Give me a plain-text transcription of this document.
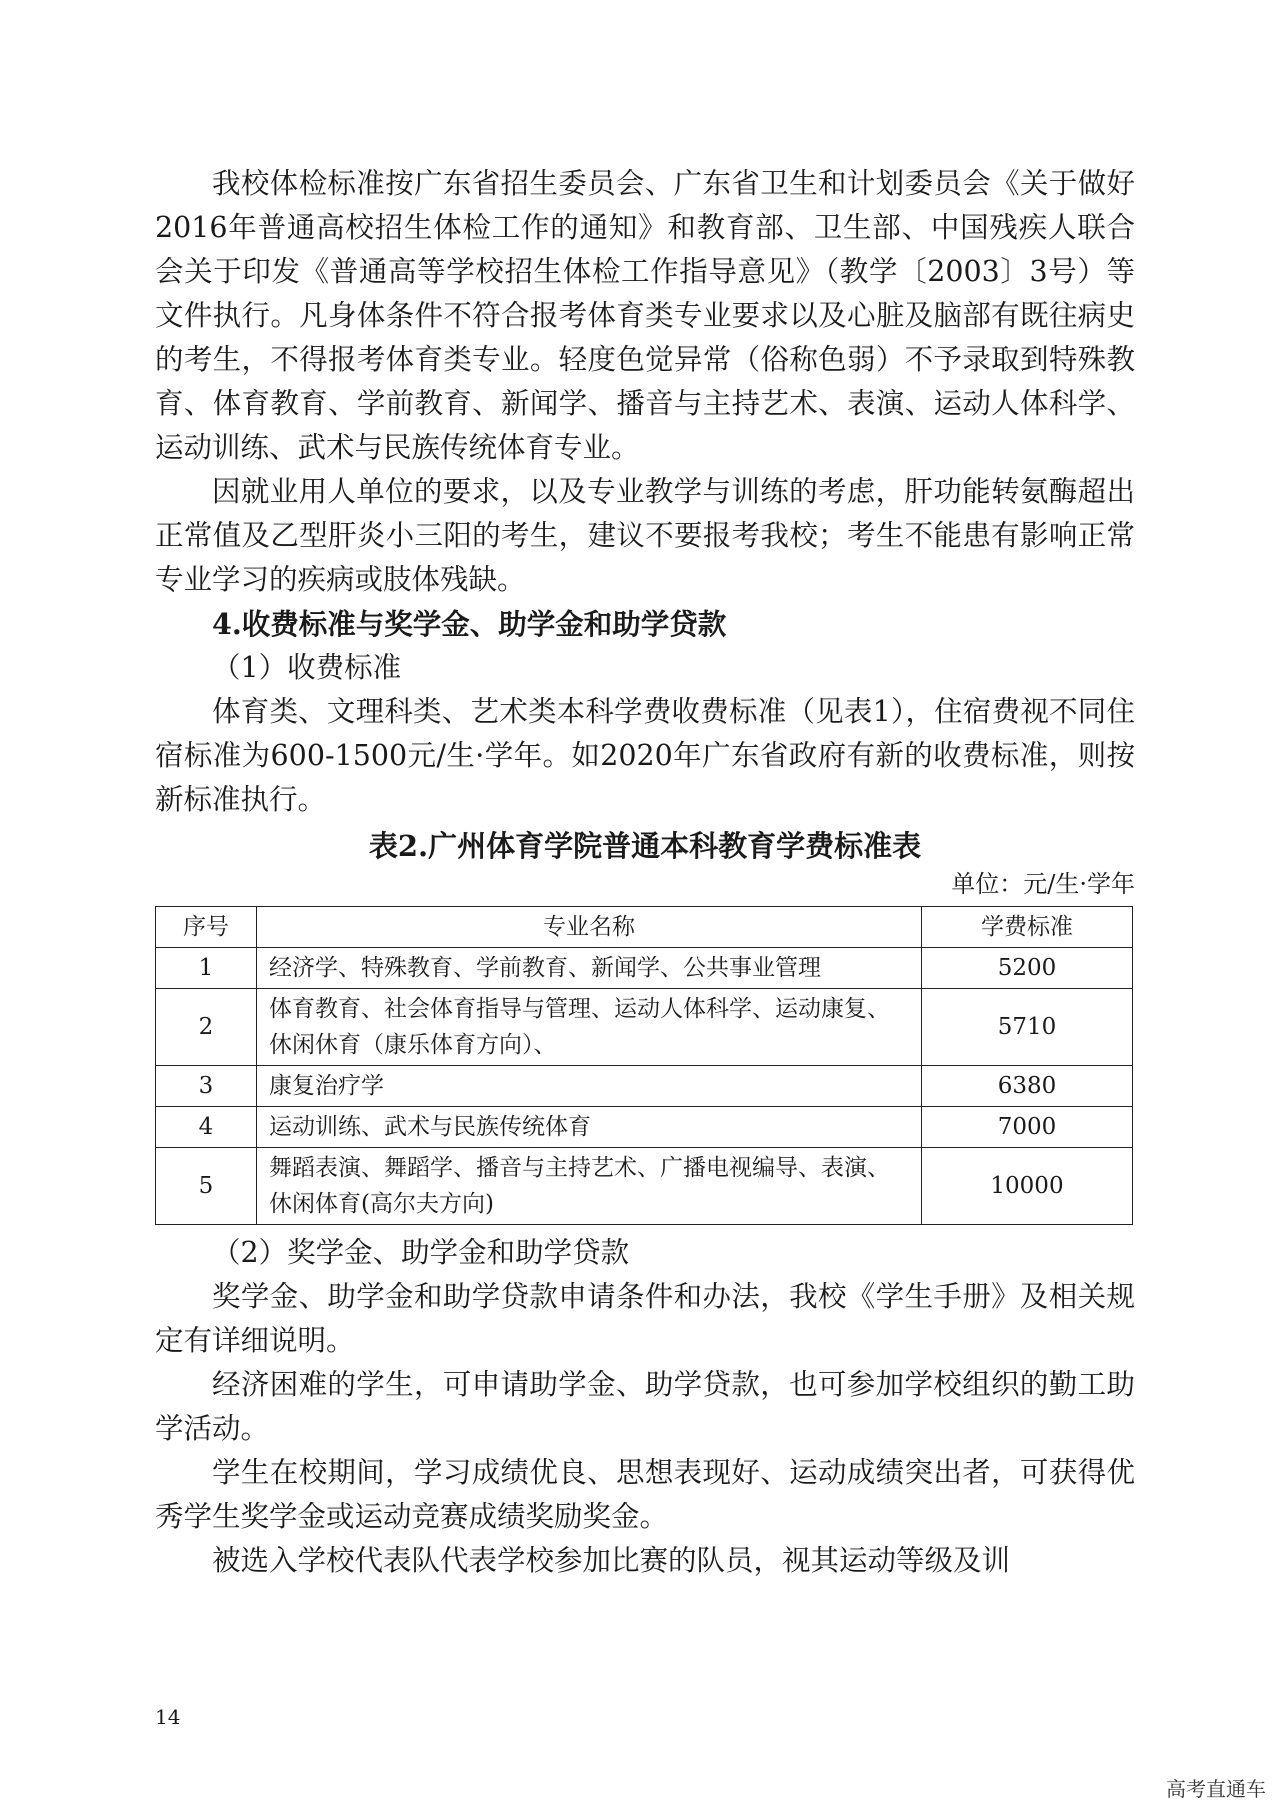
我校体检标准按广东省招生委员会、广东省卫生和计划委员会《关于做好2016年普通高校招生体检工作的通知》和教育部、卫生部、中国残疾人联合会关于印发《普通高等学校招生体检工作指导意见》（教学〔2003〕3号）等文件执行。凡身体条件不符合报考体育类专业要求以及心脏及脑部有既往病史的考生，不得报考体育类专业。轻度色觉异常（俗称色弱）不予录取到特殊教育、体育教育、学前教育、新闻学、播音与主持艺术、表演、运动人体科学、运动训练、武术与民族传统体育专业。

因就业用人单位的要求，以及专业教学与训练的考虑，肝功能转氨酶超出正常值及乙型肝炎小三阳的考生，建议不要报考我校；考生不能患有影响正常专业学习的疾病或肢体残缺。

4.收费标准与奖学金、助学金和助学贷款

（1）收费标准

体育类、文理科类、艺术类本科学费收费标准（见表1），住宿费视不同住宿标准为600-1500元/生·学年。如2020年广东省政府有新的收费标准，则按新标准执行。

表2.广州体育学院普通本科教育学费标准表

单位：元/生·学年

序号	专业名称	学费标准
1	经济学、特殊教育、学前教育、新闻学、公共事业管理	5200
2	体育教育、社会体育指导与管理、运动人体科学、运动康复、休闲休育（康乐体育方向）、	5710
3	康复治疗学	6380
4	运动训练、武术与民族传统体育	7000
5	舞蹈表演、舞蹈学、播音与主持艺术、广播电视编导、表演、休闲体育(高尔夫方向)	10000

（2）奖学金、助学金和助学贷款

奖学金、助学金和助学贷款申请条件和办法，我校《学生手册》及相关规定有详细说明。

经济困难的学生，可申请助学金、助学贷款，也可参加学校组织的勤工助学活动。

学生在校期间，学习成绩优良、思想表现好、运动成绩突出者，可获得优秀学生奖学金或运动竞赛成绩奖励奖金。

被选入学校代表队代表学校参加比赛的队员，视其运动等级及训

14
高考直通车
